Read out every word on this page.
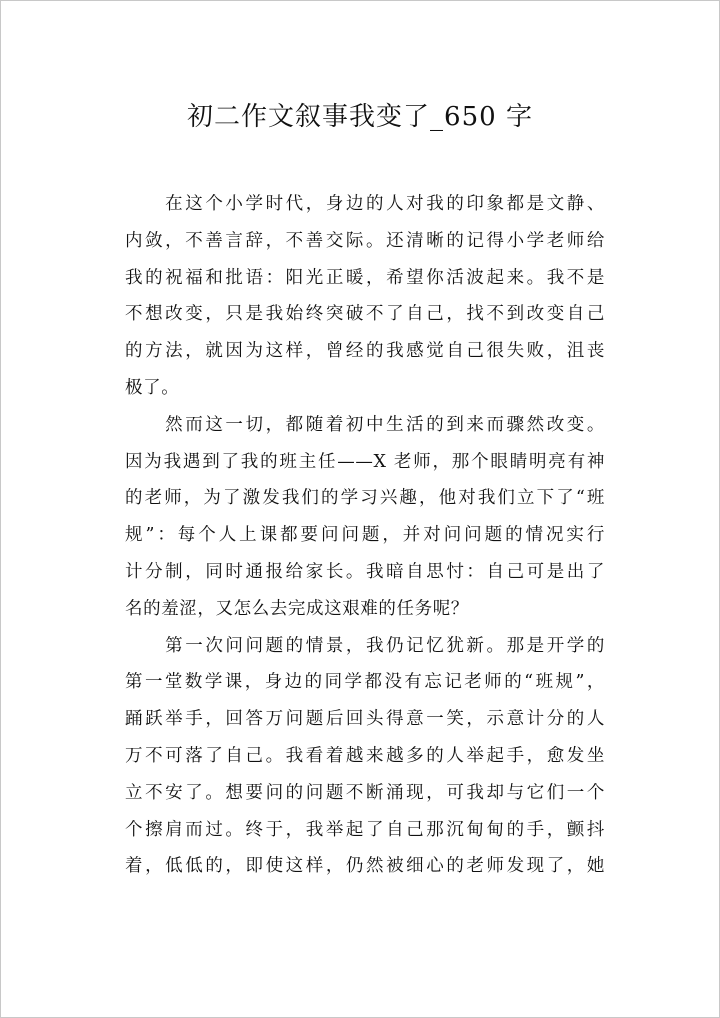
初二作文叙事我变了_650 字

　　在这个小学时代，身边的人对我的印象都是文静、
内敛，不善言辞，不善交际。还清晰的记得小学老师给
我的祝福和批语：阳光正暖，希望你活波起来。我不是
不想改变，只是我始终突破不了自己，找不到改变自己
的方法，就因为这样，曾经的我感觉自己很失败，沮丧
极了。

　　然而这一切，都随着初中生活的到来而骤然改变。
因为我遇到了我的班主任——X 老师，那个眼睛明亮有神
的老师，为了激发我们的学习兴趣，他对我们立下了“班
规”：每个人上课都要问问题，并对问问题的情况实行
计分制，同时通报给家长。我暗自思忖：自己可是出了
名的羞涩，又怎么去完成这艰难的任务呢？

　　第一次问问题的情景，我仍记忆犹新。那是开学的
第一堂数学课，身边的同学都没有忘记老师的“班规”，
踊跃举手，回答万问题后回头得意一笑，示意计分的人
万不可落了自己。我看着越来越多的人举起手，愈发坐
立不安了。想要问的问题不断涌现，可我却与它们一个
个擦肩而过。终于，我举起了自己那沉甸甸的手，颤抖
着，低低的，即使这样，仍然被细心的老师发现了，她
